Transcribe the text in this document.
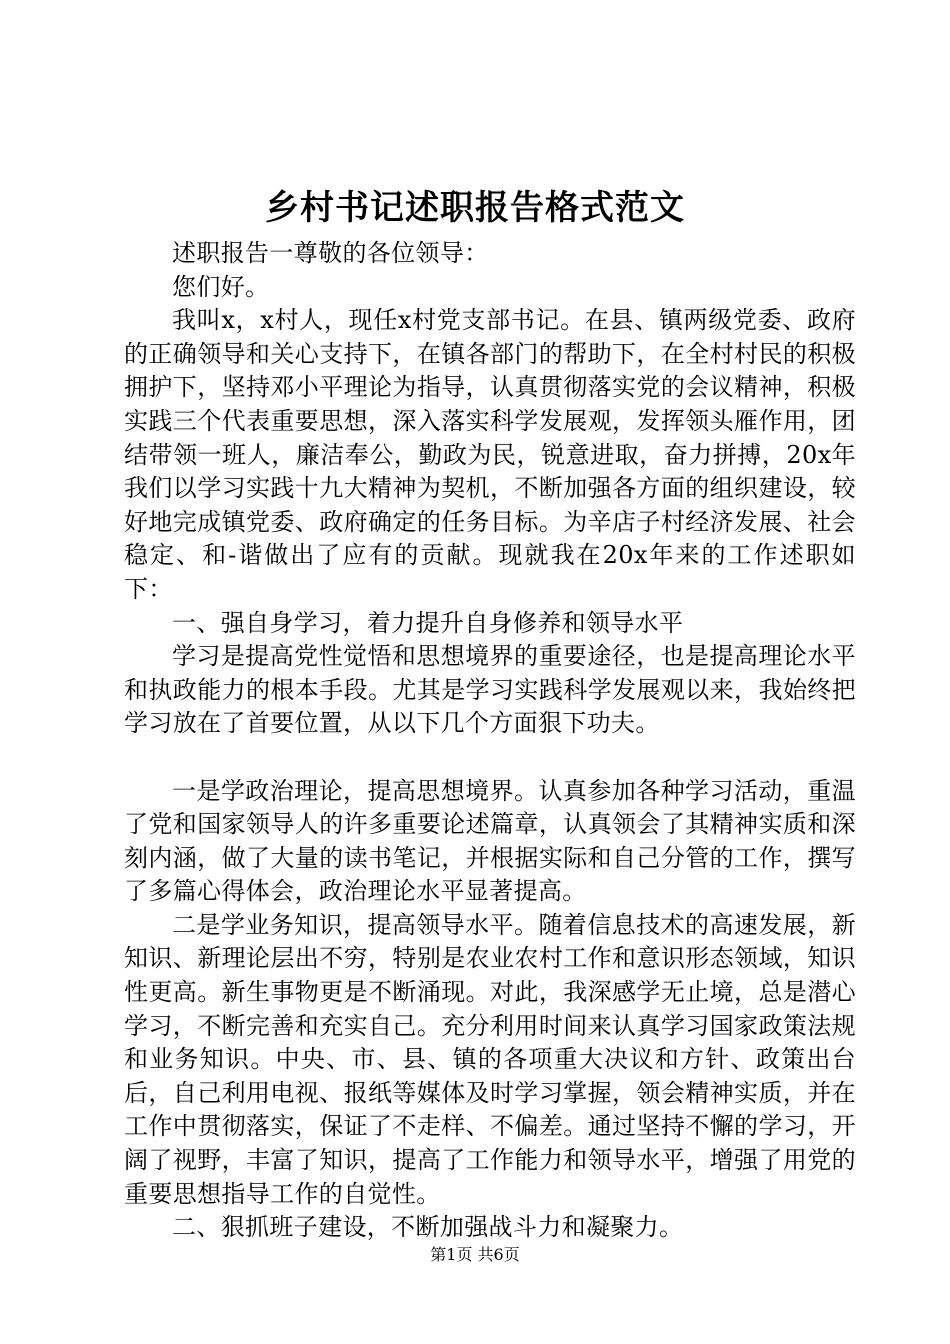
乡村书记述职报告格式范文

述职报告一尊敬的各位领导：

您们好。

我叫x，x村人，现任x村党支部书记。在县、镇两级党委、政府的正确领导和关心支持下，在镇各部门的帮助下，在全村村民的积极拥护下，坚持邓小平理论为指导，认真贯彻落实党的会议精神，积极实践三个代表重要思想，深入落实科学发展观，发挥领头雁作用，团结带领一班人，廉洁奉公，勤政为民，锐意进取，奋力拼搏，20x年我们以学习实践十九大精神为契机，不断加强各方面的组织建设，较好地完成镇党委、政府确定的任务目标。为辛店子村经济发展、社会稳定、和-谐做出了应有的贡献。现就我在20x年来的工作述职如下：

一、强自身学习，着力提升自身修养和领导水平

学习是提高党性觉悟和思想境界的重要途径，也是提高理论水平和执政能力的根本手段。尤其是学习实践科学发展观以来，我始终把学习放在了首要位置，从以下几个方面狠下功夫。

一是学政治理论，提高思想境界。认真参加各种学习活动，重温了党和国家领导人的许多重要论述篇章，认真领会了其精神实质和深刻内涵，做了大量的读书笔记，并根据实际和自己分管的工作，撰写了多篇心得体会，政治理论水平显著提高。

二是学业务知识，提高领导水平。随着信息技术的高速发展，新知识、新理论层出不穷，特别是农业农村工作和意识形态领域，知识性更高。新生事物更是不断涌现。对此，我深感学无止境，总是潜心学习，不断完善和充实自己。充分利用时间来认真学习国家政策法规和业务知识。中央、市、县、镇的各项重大决议和方针、政策出台后，自己利用电视、报纸等媒体及时学习掌握，领会精神实质，并在工作中贯彻落实，保证了不走样、不偏差。通过坚持不懈的学习，开阔了视野，丰富了知识，提高了工作能力和领导水平，增强了用党的重要思想指导工作的自觉性。

二、狠抓班子建设，不断加强战斗力和凝聚力。

第1页 共6页
